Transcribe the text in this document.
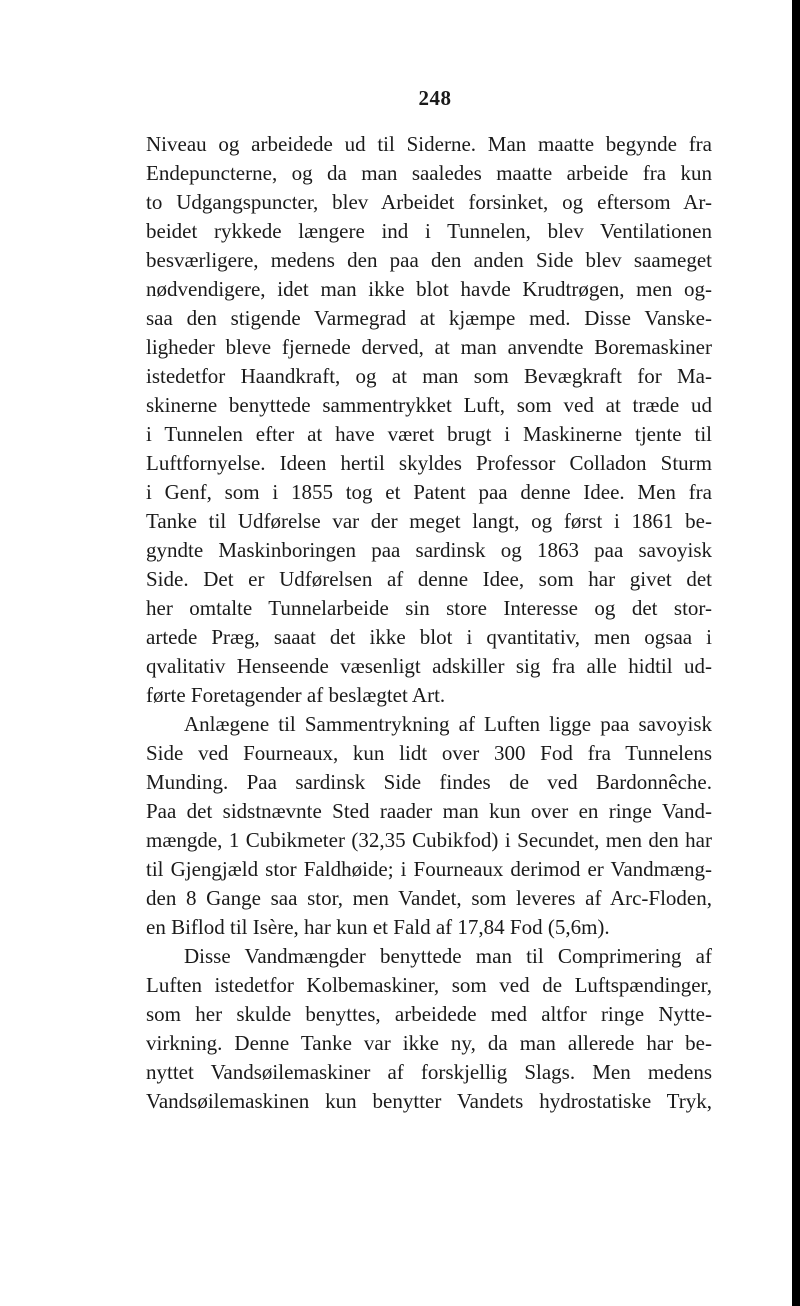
248
Niveau og arbeidede ud til Siderne. Man maatte begynde fra
Endepuncterne, og da man saaledes maatte arbeide fra kun
to Udgangspuncter, blev Arbeidet forsinket, og eftersom Ar-
beidet rykkede længere ind i Tunnelen, blev Ventilationen
besværligere, medens den paa den anden Side blev saameget
nødvendigere, idet man ikke blot havde Krudtrøgen, men og-
saa den stigende Varmegrad at kjæmpe med. Disse Vanske-
ligheder bleve fjernede derved, at man anvendte Boremaskiner
istedetfor Haandkraft, og at man som Bevægkraft for Ma-
skinerne benyttede sammentrykket Luft, som ved at træde ud
i Tunnelen efter at have været brugt i Maskinerne tjente til
Luftfornyelse. Ideen hertil skyldes Professor Colladon Sturm
i Genf, som i 1855 tog et Patent paa denne Idee. Men fra
Tanke til Udførelse var der meget langt, og først i 1861 be-
gyndte Maskinboringen paa sardinsk og 1863 paa savoyisk
Side. Det er Udførelsen af denne Idee, som har givet det
her omtalte Tunnelarbeide sin store Interesse og det stor-
artede Præg, saaat det ikke blot i qvantitativ, men ogsaa i
qvalitativ Henseende væsenligt adskiller sig fra alle hidtil ud-
førte Foretagender af beslægtet Art.
Anlægene til Sammentrykning af Luften ligge paa savoyisk
Side ved Fourneaux, kun lidt over 300 Fod fra Tunnelens
Munding. Paa sardinsk Side findes de ved Bardonnêche.
Paa det sidstnævnte Sted raader man kun over en ringe Vand-
mængde, 1 Cubikmeter (32,35 Cubikfod) i Secundet, men den har
til Gjengjæld stor Faldhøide; i Fourneaux derimod er Vandmæng-
den 8 Gange saa stor, men Vandet, som leveres af Arc-Floden,
en Biflod til Isère, har kun et Fald af 17,84 Fod (5,6m).
Disse Vandmængder benyttede man til Comprimering af
Luften istedetfor Kolbemaskiner, som ved de Luftspændinger,
som her skulde benyttes, arbeidede med altfor ringe Nytte-
virkning. Denne Tanke var ikke ny, da man allerede har be-
nyttet Vandsøilemaskiner af forskjellig Slags. Men medens
Vandsøilemaskinen kun benytter Vandets hydrostatiske Tryk,
